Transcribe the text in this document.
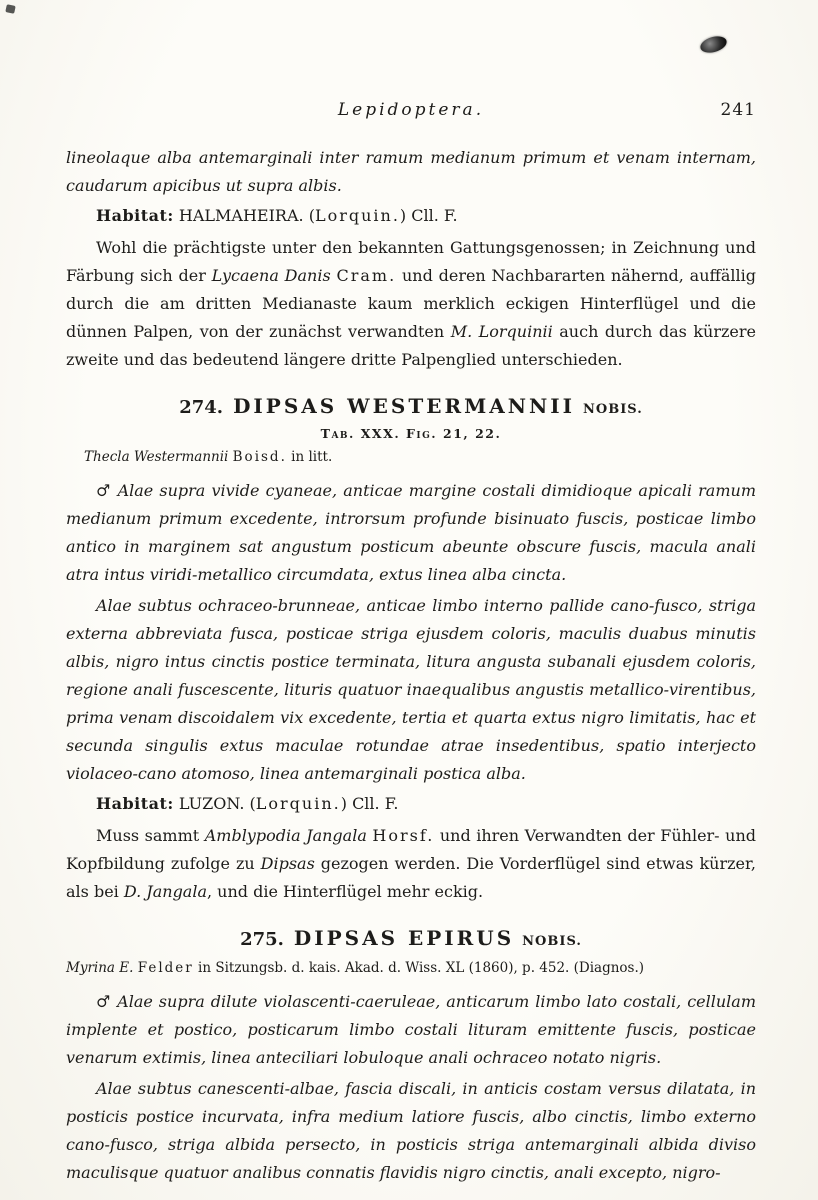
Lepidoptera.	241

lineolaque alba antemarginali inter ramum medianum primum et venam internam, caudarum apicibus ut supra albis.

Habitat: HALMAHEIRA. (Lorquin.) Cll. F.

Wohl die prächtigste unter den bekannten Gattungsgenossen; in Zeichnung und Färbung sich der Lycaena Danis Cram. und deren Nachbararten nähernd, auffällig durch die am dritten Medianaste kaum merklich eckigen Hinterflügel und die dünnen Palpen, von der zunächst verwandten M. Lorquinii auch durch das kürzere zweite und das bedeutend längere dritte Palpenglied unterschieden.

274. DIPSAS WESTERMANNII NOBIS.

Tab. XXX. Fig. 21, 22.

Thecla Westermannii Boisd. in litt.

♂ Alae supra vivide cyaneae, anticae margine costali dimidioque apicali ramum medianum primum excedente, introrsum profunde bisinuato fuscis, posticae limbo antico in marginem sat angustum posticum abeunte obscure fuscis, macula anali atra intus viridi-metallico circumdata, extus linea alba cincta.

Alae subtus ochraceo-brunneae, anticae limbo interno pallide cano-fusco, striga externa abbreviata fusca, posticae striga ejusdem coloris, maculis duabus minutis albis, nigro intus cinctis postice terminata, litura angusta subanali ejusdem coloris, regione anali fuscescente, lituris quatuor inaequalibus angustis metallico-virentibus, prima venam discoidalem vix excedente, tertia et quarta extus nigro limitatis, hac et secunda singulis extus maculae rotundae atrae insedentibus, spatio interjecto violaceo-cano atomoso, linea antemarginali postica alba.

Habitat: LUZON. (Lorquin.) Cll. F.

Muss sammt Amblypodia Jangala Horsf. und ihren Verwandten der Fühler- und Kopfbildung zufolge zu Dipsas gezogen werden. Die Vorderflügel sind etwas kürzer, als bei D. Jangala, und die Hinterflügel mehr eckig.

275. DIPSAS EPIRUS NOBIS.

Myrina E. Felder in Sitzungsb. d. kais. Akad. d. Wiss. XL (1860), p. 452. (Diagnos.)

♂ Alae supra dilute violascenti-caeruleae, anticarum limbo lato costali, cellulam implente et postico, posticarum limbo costali lituram emittente fuscis, posticae venarum extimis, linea anteciliari lobuloque anali ochraceo notato nigris.

Alae subtus canescenti-albae, fascia discali, in anticis costam versus dilatata, in posticis postice incurvata, infra medium latiore fuscis, albo cinctis, limbo externo cano-fusco, striga albida persecto, in posticis striga antemarginali albida diviso maculisque quatuor analibus connatis flavidis nigro cinctis, anali excepto, nigro-
